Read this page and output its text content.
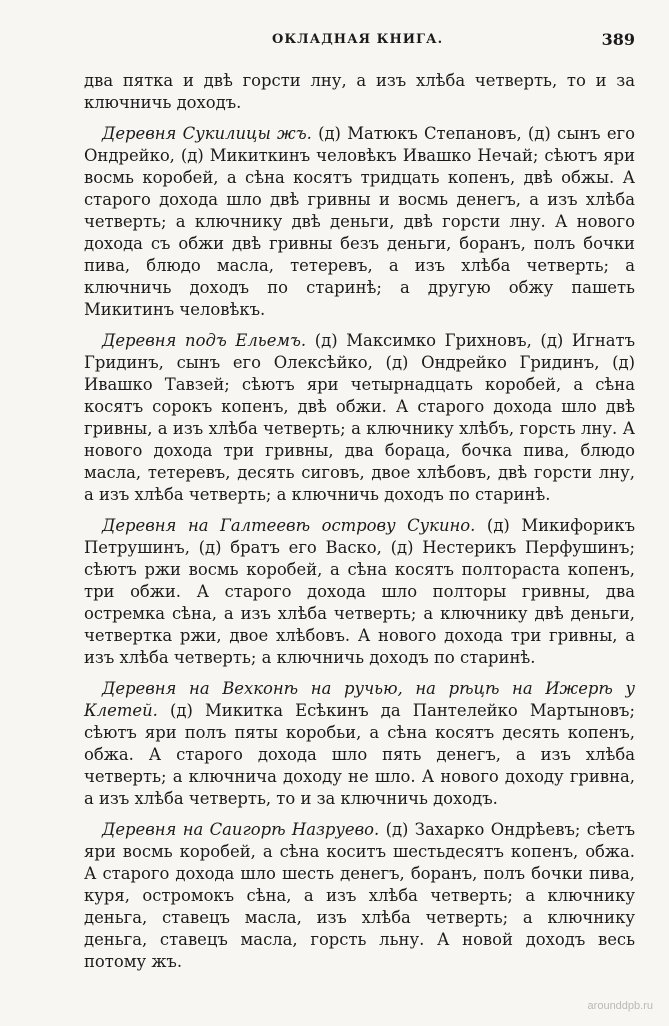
ОКЛАДНАЯ КНИГА.	389

два пятка и двѣ горсти лну, а изъ хлѣба четверть, то и за ключничь доходъ.

Деревня Сукилицы жъ. (д) Матюкъ Степановъ, (д) сынъ его Ондрейко, (д) Микиткинъ человѣкъ Ивашко Нечай; сѣютъ яри восмь коробей, а сѣна косятъ тридцать копенъ, двѣ обжы. А старого дохода шло двѣ гривны и восмь денегъ, а изъ хлѣба четверть; а ключнику двѣ деньги, двѣ горсти лну. А нового дохода съ обжи двѣ гривны безъ деньги, боранъ, полъ бочки пива, блюдо масла, тетеревъ, а изъ хлѣба четверть; а ключничь доходъ по старинѣ; а другую обжу пашеть Микитинъ человѣкъ.

Деревня подъ Ельемъ. (д) Максимко Грихновъ, (д) Игнатъ Гридинъ, сынъ его Олексѣйко, (д) Ондрейко Гридинъ, (д) Ивашко Тавзей; сѣютъ яри четырнадцать коробей, а сѣна косятъ сорокъ копенъ, двѣ обжи. А старого дохода шло двѣ гривны, а изъ хлѣба четверть; а ключнику хлѣбъ, горсть лну. А нового дохода три гривны, два бораца, бочка пива, блюдо масла, тетеревъ, десять сиговъ, двое хлѣбовъ, двѣ горсти лну, а изъ хлѣба четверть; а ключничь доходъ по старинѣ.

Деревня на Галтеевѣ острову Сукино. (д) Микифорикъ Петрушинъ, (д) братъ его Васко, (д) Нестерикъ Перфушинъ; сѣютъ ржи восмь коробей, а сѣна косятъ полтораста копенъ, три обжи. А старого дохода шло полторы гривны, два остремка сѣна, а изъ хлѣба четверть; а ключнику двѣ деньги, четвертка ржи, двое хлѣбовъ. А нового дохода три гривны, а изъ хлѣба четверть; а ключничь доходъ по старинѣ.

Деревня на Вехконѣ на ручью, на рѣцѣ на Ижерѣ у Клетей. (д) Микитка Есѣкинъ да Пантелейко Мартыновъ; сѣютъ яри полъ пяты коробьи, а сѣна косятъ десять копенъ, обжа. А старого дохода шло пять денегъ, а изъ хлѣба четверть; а ключнича доходу не шло. А нового доходу гривна, а изъ хлѣба четверть, то и за ключничь доходъ.

Деревня на Саигорѣ Назруево. (д) Захарко Ондрѣевъ; сѣетъ яри восмь коробей, а сѣна коситъ шестьдесятъ копенъ, обжа. А старого дохода шло шесть денегъ, боранъ, полъ бочки пива, куря, остромокъ сѣна, а изъ хлѣба четверть; а ключнику деньга, ставецъ масла, изъ хлѣба четверть; а ключнику деньга, ставецъ масла, горсть льну. А новой доходъ весь потому жъ.

arounddpb.ru
